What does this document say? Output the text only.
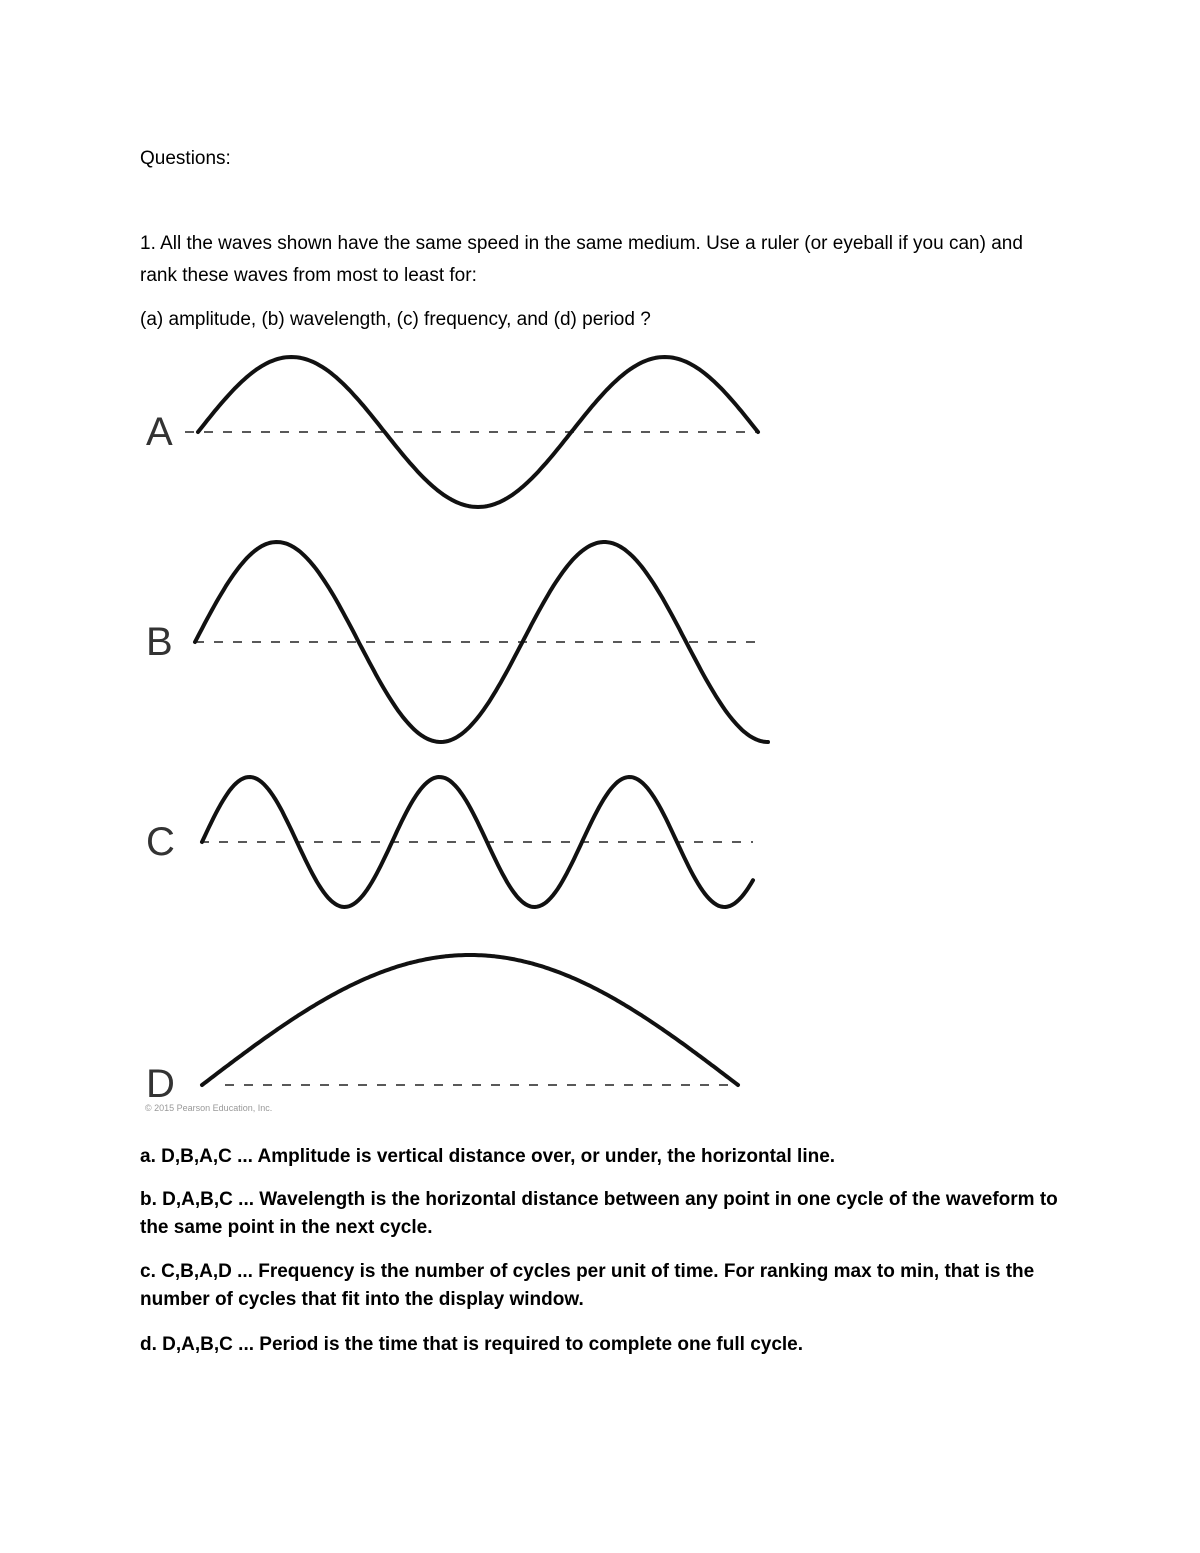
Questions:

1. All the waves shown have the same speed in the same medium. Use a ruler (or eyeball if you can) and

rank these waves from most to least for:

(a) amplitude, (b) wavelength, (c) frequency, and (d) period ?

A
B
C
D
© 2015 Pearson Education, Inc.

a. D,B,A,C ... Amplitude is vertical distance over, or under, the horizontal line.

b. D,A,B,C ... Wavelength is the horizontal distance between any point in one cycle of the waveform to the same point in the next cycle.

c. C,B,A,D ... Frequency is the number of cycles per unit of time. For ranking max to min, that is the number of cycles that fit into the display window.

d. D,A,B,C ... Period is the time that is required to complete one full cycle.
